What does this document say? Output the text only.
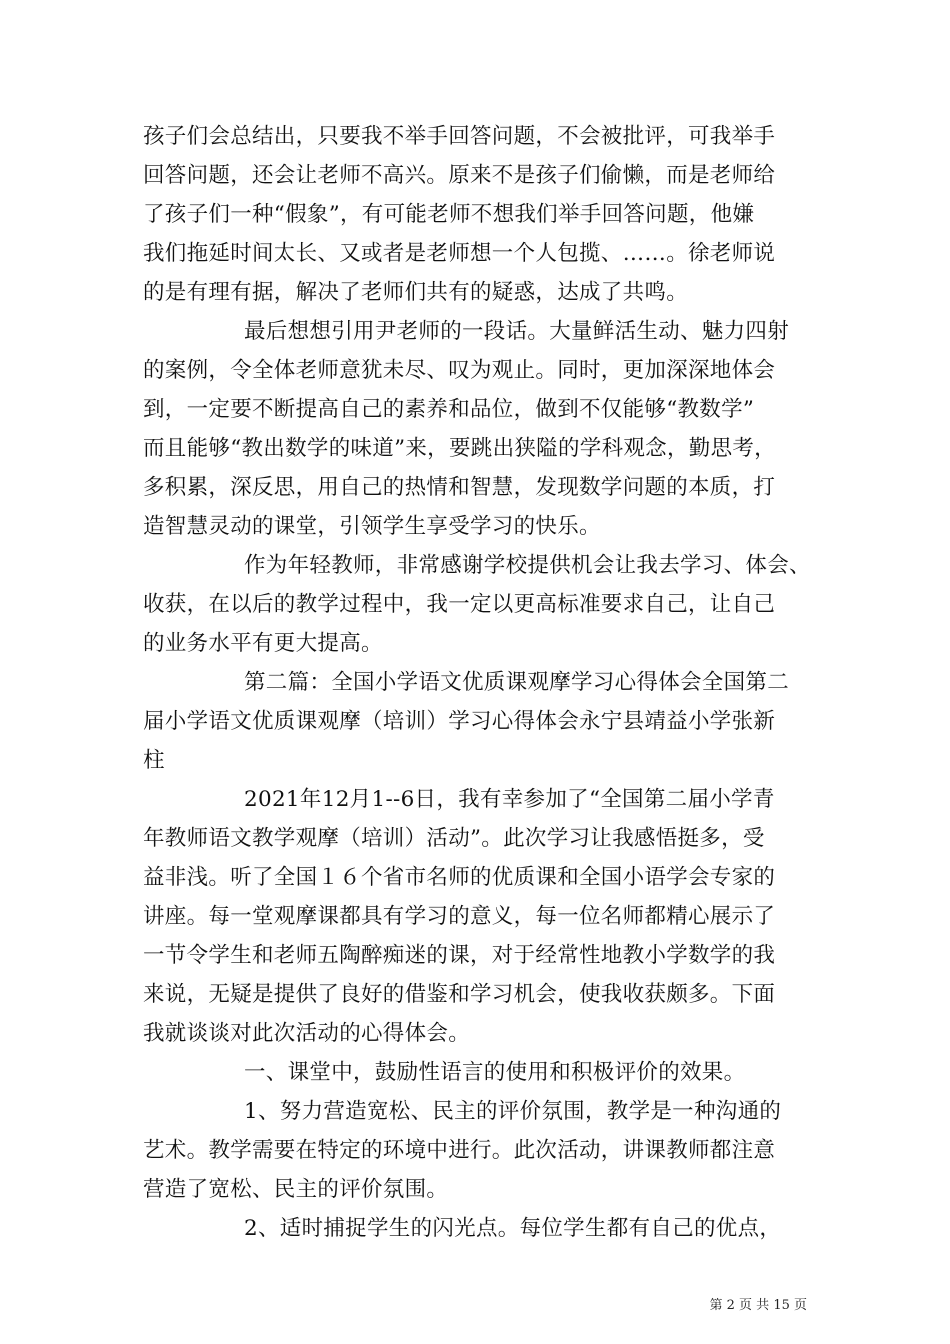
孩子们会总结出，只要我不举手回答问题，不会被批评，可我举手
回答问题，还会让老师不高兴。原来不是孩子们偷懒，而是老师给
了孩子们一种“假象”，有可能老师不想我们举手回答问题，他嫌
我们拖延时间太长、又或者是老师想一个人包揽、……。徐老师说
的是有理有据，解决了老师们共有的疑惑，达成了共鸣。
最后想想引用尹老师的一段话。大量鲜活生动、魅力四射
的案例，令全体老师意犹未尽、叹为观止。同时，更加深深地体会
到，一定要不断提高自己的素养和品位，做到不仅能够“教数学”
而且能够“教出数学的味道”来，要跳出狭隘的学科观念，勤思考，
多积累，深反思，用自己的热情和智慧，发现数学问题的本质，打
造智慧灵动的课堂，引领学生享受学习的快乐。
作为年轻教师，非常感谢学校提供机会让我去学习、体会、
收获，在以后的教学过程中，我一定以更高标准要求自己，让自己
的业务水平有更大提高。
第二篇：全国小学语文优质课观摩学习心得体会全国第二
届小学语文优质课观摩（培训）学习心得体会永宁县靖益小学张新
柱
2021年12月1--6日，我有幸参加了“全国第二届小学青
年教师语文教学观摩（培训）活动”。此次学习让我感悟挺多，受
益非浅。听了全国１６个省市名师的优质课和全国小语学会专家的
讲座。每一堂观摩课都具有学习的意义，每一位名师都精心展示了
一节令学生和老师五陶醉痴迷的课，对于经常性地教小学数学的我
来说，无疑是提供了良好的借鉴和学习机会，使我收获颇多。下面
我就谈谈对此次活动的心得体会。
一、课堂中，鼓励性语言的使用和积极评价的效果。
1、努力营造宽松、民主的评价氛围，教学是一种沟通的
艺术。教学需要在特定的环境中进行。此次活动，讲课教师都注意
营造了宽松、民主的评价氛围。
2、适时捕捉学生的闪光点。每位学生都有自己的优点，
第 2 页 共 15 页
